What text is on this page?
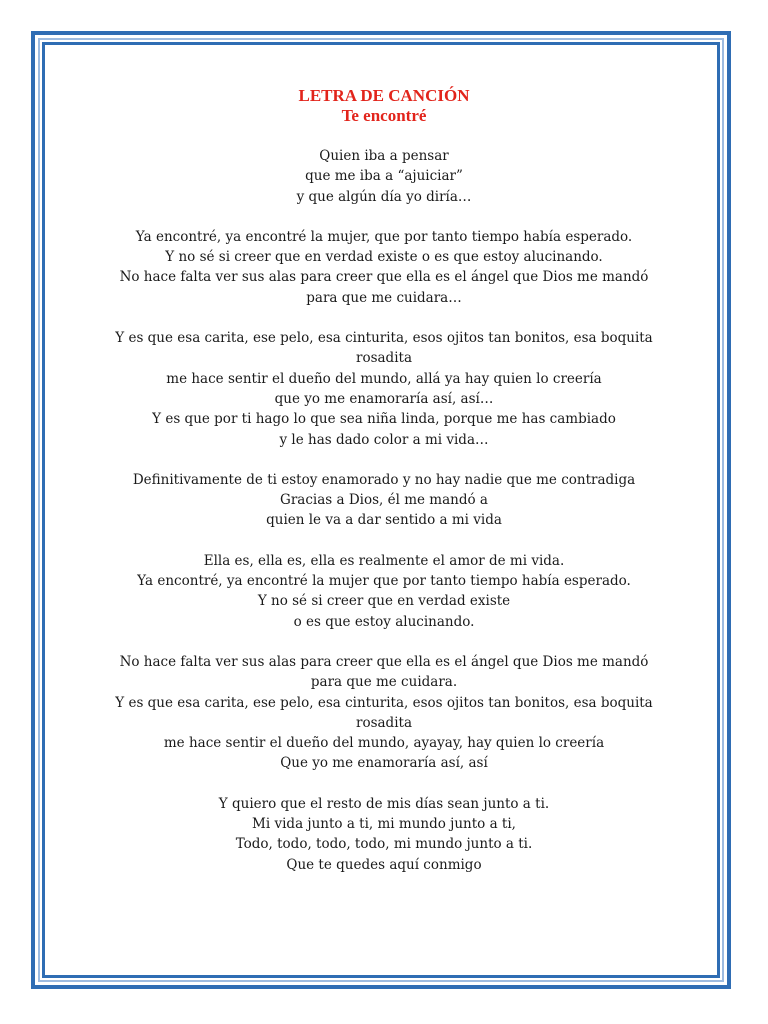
LETRA DE CANCIÓN
Te encontré
Quien iba a pensar
que me iba a “ajuiciar”
y que algún día yo diría…
Ya encontré, ya encontré la mujer, que por tanto tiempo había esperado.
Y no sé si creer que en verdad existe o es que estoy alucinando.
No hace falta ver sus alas para creer que ella es el ángel que Dios me mandó
para que me cuidara…
Y es que esa carita, ese pelo, esa cinturita, esos ojitos tan bonitos, esa boquita
rosadita
me hace sentir el dueño del mundo, allá ya hay quien lo creería
que yo me enamoraría así, así…
Y es que por ti hago lo que sea niña linda, porque me has cambiado
y le has dado color a mi vida…
Definitivamente de ti estoy enamorado y no hay nadie que me contradiga
Gracias a Dios, él me mandó a
quien le va a dar sentido a mi vida
Ella es, ella es, ella es realmente el amor de mi vida.
Ya encontré, ya encontré la mujer que por tanto tiempo había esperado.
Y no sé si creer que en verdad existe
o es que estoy alucinando.
No hace falta ver sus alas para creer que ella es el ángel que Dios me mandó
para que me cuidara.
Y es que esa carita, ese pelo, esa cinturita, esos ojitos tan bonitos, esa boquita
rosadita
me hace sentir el dueño del mundo, ayayay, hay quien lo creería
Que yo me enamoraría así, así
Y quiero que el resto de mis días sean junto a ti.
Mi vida junto a ti, mi mundo junto a ti,
Todo, todo, todo, todo, mi mundo junto a ti.
Que te quedes aquí conmigo
